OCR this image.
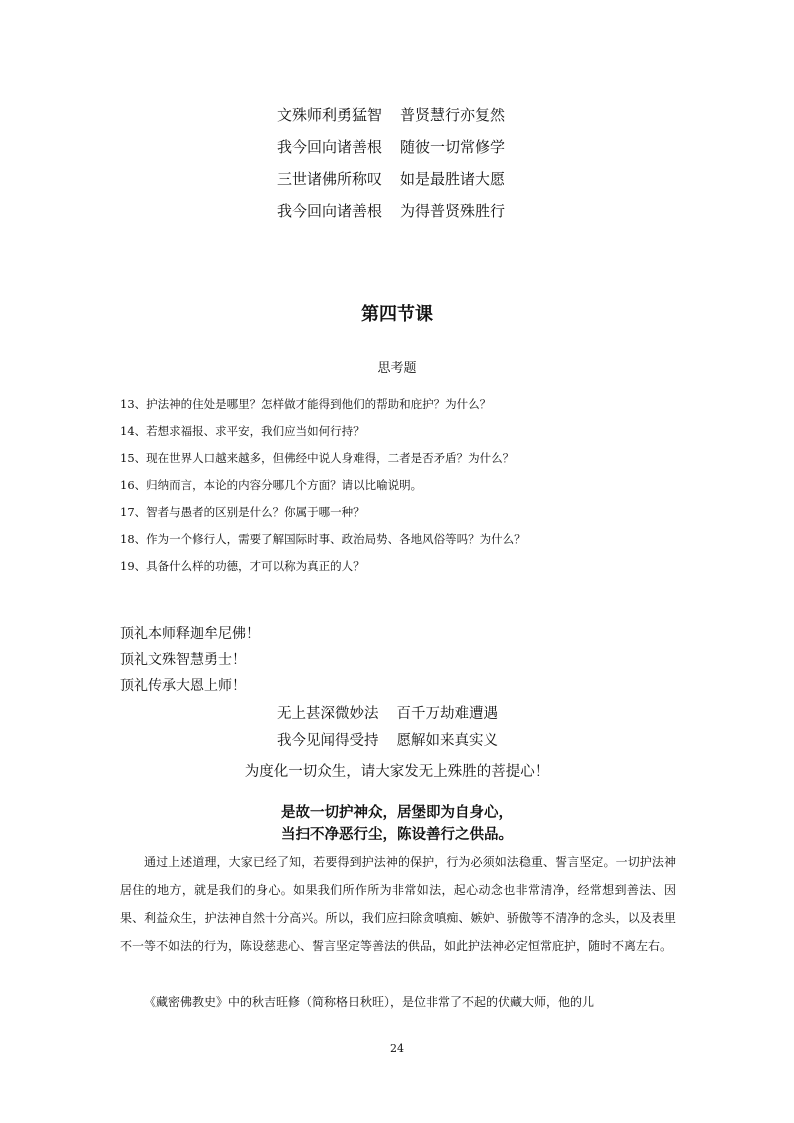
文殊师利勇猛智 普贤慧行亦复然
我今回向诸善根 随彼一切常修学
三世诸佛所称叹 如是最胜诸大愿
我今回向诸善根 为得普贤殊胜行
第四节课
思考题
13、护法神的住处是哪里？怎样做才能得到他们的帮助和庇护？为什么？
14、若想求福报、求平安，我们应当如何行持？
15、现在世界人口越来越多，但佛经中说人身难得，二者是否矛盾？为什么？
16、归纳而言，本论的内容分哪几个方面？请以比喻说明。
17、智者与愚者的区别是什么？你属于哪一种？
18、作为一个修行人，需要了解国际时事、政治局势、各地风俗等吗？为什么？
19、具备什么样的功德，才可以称为真正的人？
顶礼本师释迦牟尼佛！
顶礼文殊智慧勇士！
顶礼传承大恩上师！
无上甚深微妙法 百千万劫难遭遇
我今见闻得受持 愿解如来真实义
为度化一切众生，请大家发无上殊胜的菩提心！
是故一切护神众，居堡即为自身心，
当扫不净恶行尘，陈设善行之供品。
通过上述道理，大家已经了知，若要得到护法神的保护，行为必须如法稳重、誓言坚定。一切护法神居住的地方，就是我们的身心。如果我们所作所为非常如法，起心动念也非常清净，经常想到善法、因果、利益众生，护法神自然十分高兴。所以，我们应扫除贪嗔痴、嫉妒、骄傲等不清净的念头，以及表里不一等不如法的行为，陈设慈悲心、誓言坚定等善法的供品，如此护法神必定恒常庇护，随时不离左右。
《藏密佛教史》中的秋吉旺修（简称格日秋旺），是位非常了不起的伏藏大师，他的儿
24
